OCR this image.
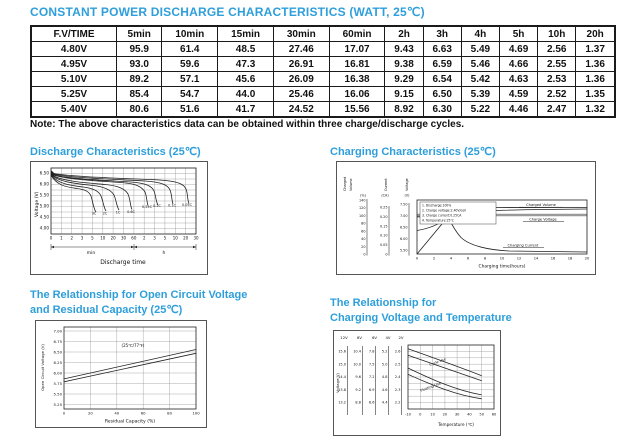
CONSTANT POWER DISCHARGE CHARACTERISTICS (WATT, 25℃)
F.V/TIME	5min	10min	15min	30min	60min	2h	3h	4h	5h	10h	20h
4.80V	95.9	61.4	48.5	27.46	17.07	9.43	6.63	5.49	4.69	2.56	1.37
4.95V	93.0	59.6	47.3	26.91	16.81	9.38	6.59	5.46	4.66	2.55	1.36
5.10V	89.2	57.1	45.6	26.09	16.38	9.29	6.54	5.42	4.63	2.53	1.36
5.25V	85.4	54.7	44.0	25.46	16.06	9.15	6.50	5.39	4.59	2.52	1.35
5.40V	80.6	51.6	41.7	24.52	15.56	8.92	6.30	5.22	4.46	2.47	1.32
Note: The above characteristics data can be obtained within three charge/discharge cycles.
Discharge Characteristics (25℃)	Charging Characteristics (25℃)
6.50
6.00
5.50
5.00
4.50
4.00
0 1 2 3 5 10 20 30 60 2 3 5 10 20 30
3C 2C 1C 0.6C
0.25C 0.2C 0.1C 0.05C
Voltage (V)
min	h
Discharge time
Charged Volume	Current	Voltage
(%)	(CA)	(V)
140
120
100
80
60
40
20
0
0.25
0.20
0.15
0.10
0.05
0
7.50
7.00
6.50
6.00
5.50
1. Discharge:100%
2. Charge voltage:2.40V/cell
3. Charge current:0.25CA
4. Temperature:25℃
Charged Volume
Charge Voltage
Charging Current
0	2	4	6	8	10	12	14	16	18	20
Charging time(hours)
The Relationship for Open Circuit Voltage
and Residual Capacity (25℃)
The Relationship for
Charging Voltage and Temperature
(25℃/77℉)
7.00
6.75
6.50
6.25
6.00
5.75
5.50
5.25
0	20	40	60	80	100
Open Circuit Voltage (V)
Residual Capacity (%)
12V 8V	6V 4V 2V
15.6
15.0
14.4
13.8
13.2
10.4
10.0
9.6
9.2
8.8
7.8
7.5
7.2
6.9
6.6
5.2
5.0
4.8
4.6
4.4
2.6
2.5
2.4
2.3
2.2
Cycle Use
Floating Use
-10 0 10 20 30 40 50 60
Voltage(V)
Temperature (℃)
